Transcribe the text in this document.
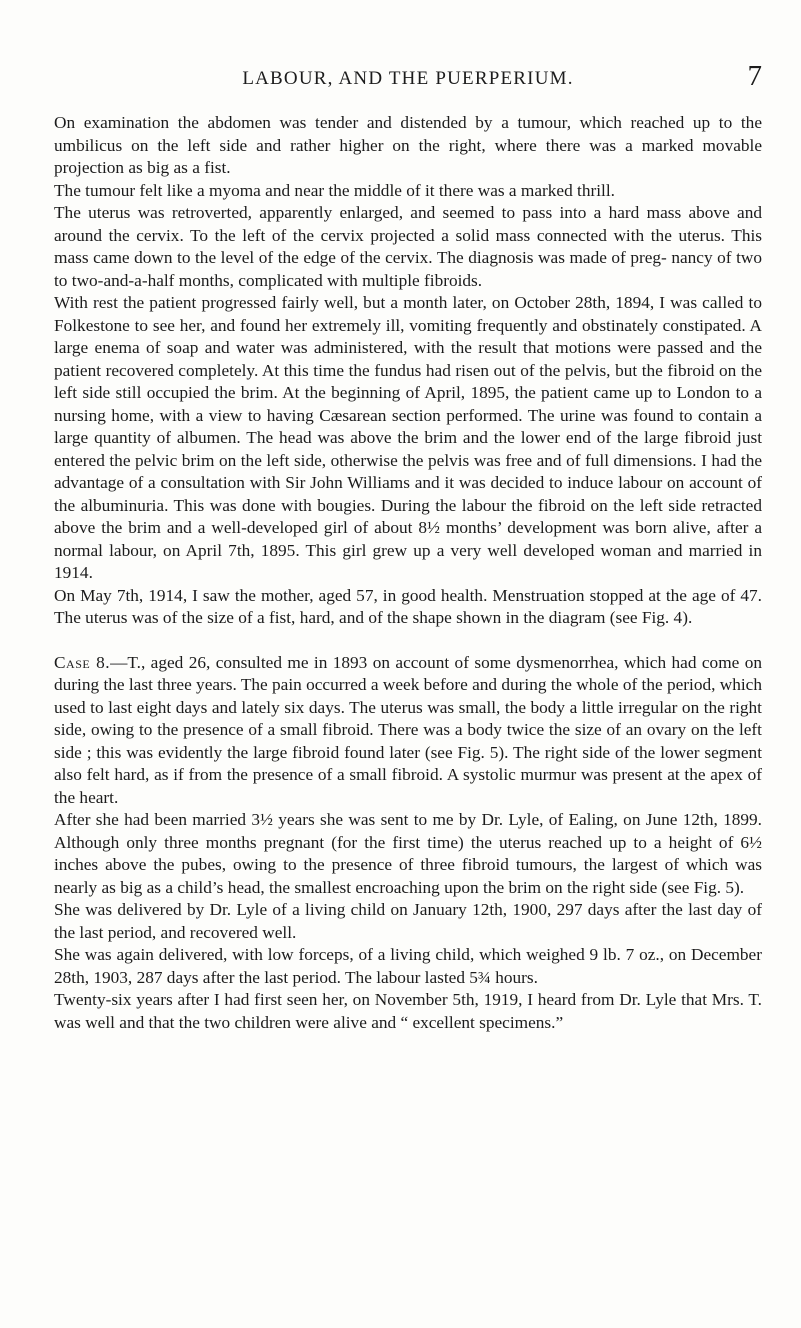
LABOUR, AND THE PUERPERIUM.	7

On examination the abdomen was tender and distended by a tumour, which reached up to the umbilicus on the left side and rather higher on the right, where there was a marked movable projection as big as a fist.

The tumour felt like a myoma and near the middle of it there was a marked thrill.

The uterus was retroverted, apparently enlarged, and seemed to pass into a hard mass above and around the cervix. To the left of the cervix projected a solid mass connected with the uterus. This mass came down to the level of the edge of the cervix. The diagnosis was made of preg- nancy of two to two-and-a-half months, complicated with multiple fibroids.

With rest the patient progressed fairly well, but a month later, on October 28th, 1894, I was called to Folkestone to see her, and found her extremely ill, vomiting frequently and obstinately constipated. A large enema of soap and water was administered, with the result that motions were passed and the patient recovered completely. At this time the fundus had risen out of the pelvis, but the fibroid on the left side still occupied the brim. At the beginning of April, 1895, the patient came up to London to a nursing home, with a view to having Cæsarean section performed. The urine was found to contain a large quantity of albumen. The head was above the brim and the lower end of the large fibroid just entered the pelvic brim on the left side, otherwise the pelvis was free and of full dimensions. I had the advantage of a consultation with Sir John Williams and it was decided to induce labour on account of the albuminuria. This was done with bougies. During the labour the fibroid on the left side retracted above the brim and a well-developed girl of about 8½ months’ development was born alive, after a normal labour, on April 7th, 1895. This girl grew up a very well developed woman and married in 1914.

On May 7th, 1914, I saw the mother, aged 57, in good health. Menstruation stopped at the age of 47. The uterus was of the size of a fist, hard, and of the shape shown in the diagram (see Fig. 4).

Case 8.—T., aged 26, consulted me in 1893 on account of some dysmenorrhea, which had come on during the last three years. The pain occurred a week before and during the whole of the period, which used to last eight days and lately six days. The uterus was small, the body a little irregular on the right side, owing to the presence of a small fibroid. There was a body twice the size of an ovary on the left side ; this was evidently the large fibroid found later (see Fig. 5). The right side of the lower segment also felt hard, as if from the presence of a small fibroid. A systolic murmur was present at the apex of the heart.

After she had been married 3½ years she was sent to me by Dr. Lyle, of Ealing, on June 12th, 1899. Although only three months pregnant (for the first time) the uterus reached up to a height of 6½ inches above the pubes, owing to the presence of three fibroid tumours, the largest of which was nearly as big as a child’s head, the smallest encroaching upon the brim on the right side (see Fig. 5).

She was delivered by Dr. Lyle of a living child on January 12th, 1900, 297 days after the last day of the last period, and recovered well.

She was again delivered, with low forceps, of a living child, which weighed 9 lb. 7 oz., on December 28th, 1903, 287 days after the last period. The labour lasted 5¾ hours.

Twenty-six years after I had first seen her, on November 5th, 1919, I heard from Dr. Lyle that Mrs. T. was well and that the two children were alive and “ excellent specimens.”
